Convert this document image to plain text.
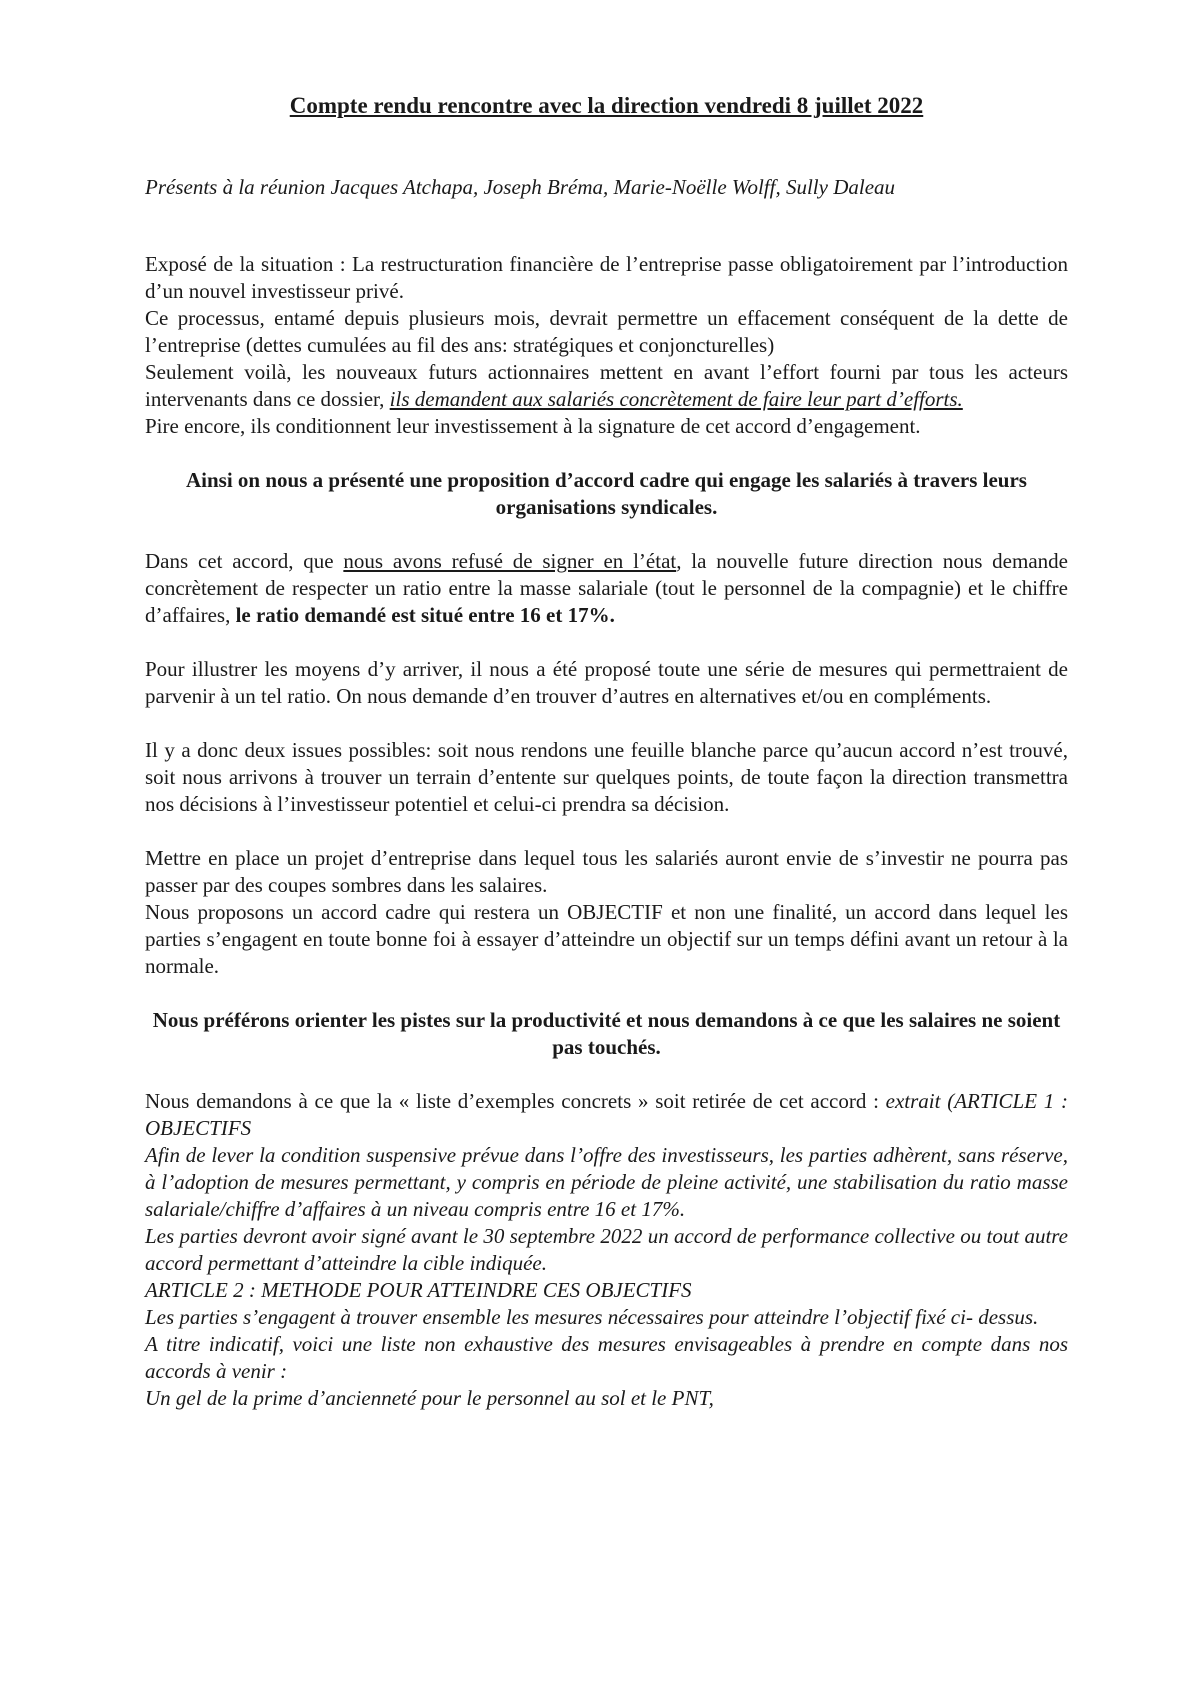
Compte rendu rencontre avec la direction vendredi 8 juillet 2022

Présents à la réunion Jacques Atchapa, Joseph Bréma, Marie-Noëlle Wolff, Sully Daleau

Exposé de la situation : La restructuration financière de l’entreprise passe obligatoirement par l’introduction d’un nouvel investisseur privé.

Ce processus, entamé depuis plusieurs mois, devrait permettre un effacement conséquent de la dette de l’entreprise (dettes cumulées au fil des ans: stratégiques et conjoncturelles)

Seulement voilà, les nouveaux futurs actionnaires mettent en avant l’effort fourni par tous les acteurs intervenants dans ce dossier, ils demandent aux salariés concrètement de faire leur part d’efforts.

Pire encore, ils conditionnent leur investissement à la signature de cet accord d’engagement.

Ainsi on nous a présenté une proposition d’accord cadre qui engage les salariés à travers leurs organisations syndicales.

Dans cet accord, que nous avons refusé de signer en l’état, la nouvelle future direction nous demande concrètement de respecter un ratio entre la masse salariale (tout le personnel de la compagnie) et le chiffre d’affaires, le ratio demandé est situé entre 16 et 17%.

Pour illustrer les moyens d’y arriver, il nous a été proposé toute une série de mesures qui permettraient de parvenir à un tel ratio. On nous demande d’en trouver d’autres en alternatives et/ou en compléments.

Il y a donc deux issues possibles: soit nous rendons une feuille blanche parce qu’aucun accord n’est trouvé, soit nous arrivons à trouver un terrain d’entente sur quelques points, de toute façon la direction transmettra nos décisions à l’investisseur potentiel et celui-ci prendra sa décision.

Mettre en place un projet d’entreprise dans lequel tous les salariés auront envie de s’investir ne pourra pas passer par des coupes sombres dans les salaires.

Nous proposons un accord cadre qui restera un OBJECTIF et non une finalité, un accord dans lequel les parties s’engagent en toute bonne foi à essayer d’atteindre un objectif sur un temps défini avant un retour à la normale.

Nous préférons orienter les pistes sur la productivité et nous demandons à ce que les salaires ne soient pas touchés.

Nous demandons à ce que la « liste d’exemples concrets » soit retirée de cet accord : extrait (ARTICLE 1 : OBJECTIFS

Afin de lever la condition suspensive prévue dans l’offre des investisseurs, les parties adhèrent, sans réserve, à l’adoption de mesures permettant, y compris en période de pleine activité, une stabilisation du ratio masse salariale/chiffre d’affaires à un niveau compris entre 16 et 17%.

Les parties devront avoir signé avant le 30 septembre 2022 un accord de performance collective ou tout autre accord permettant d’atteindre la cible indiquée.

ARTICLE 2 : METHODE POUR ATTEINDRE CES OBJECTIFS

Les parties s’engagent à trouver ensemble les mesures nécessaires pour atteindre l’objectif fixé ci- dessus.

A titre indicatif, voici une liste non exhaustive des mesures envisageables à prendre en compte dans nos accords à venir :

Un gel de la prime d’ancienneté pour le personnel au sol et le PNT,
